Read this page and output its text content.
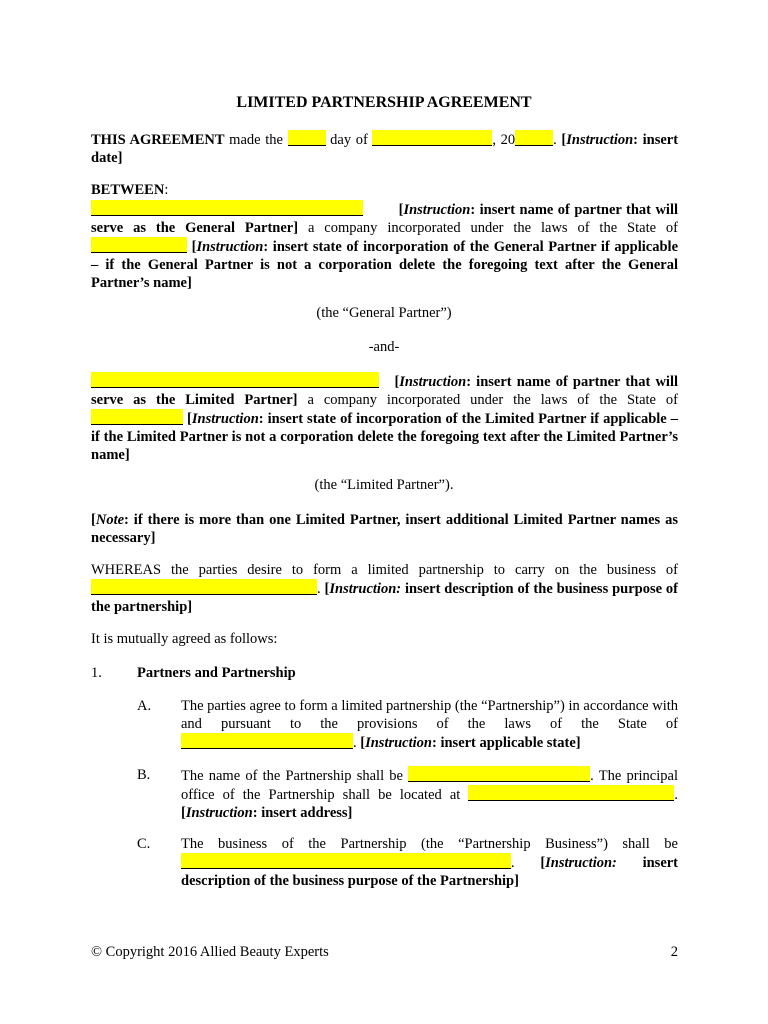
LIMITED PARTNERSHIP AGREEMENT

THIS AGREEMENT made the	day of	, 20	. [Instruction: insert date]

BETWEEN:

[Instruction: insert name of partner that will serve as the General Partner] a company incorporated under the laws of the State of  [Instruction: insert state of incorporation of the General Partner if applicable – if the General Partner is not a corporation delete the foregoing text after the General Partner’s name]

(the “General Partner”)
-and-

[Instruction: insert name of partner that will serve as the Limited Partner] a company incorporated under the laws of the State of  [Instruction: insert state of incorporation of the Limited Partner if applicable – if the Limited Partner is not a corporation delete the foregoing text after the Limited Partner’s name]

(the “Limited Partner”).
[Note: if there is more than one Limited Partner, insert additional Limited Partner names as necessary]
WHEREAS the parties desire to form a limited partnership to carry on the business of . [Instruction: insert description of the business purpose of the partnership]
It is mutually agreed as follows:
1. Partners and Partnership
A. The parties agree to form a limited partnership (the “Partnership”) in accordance with and pursuant to the provisions of the laws of the State of . [Instruction: insert applicable state]
B. The name of the Partnership shall be	. The principal office of the Partnership shall be located at	. [Instruction: insert address]
C. The business of the Partnership (the “Partnership Business”) shall be . [Instruction: insert description of the business purpose of the Partnership]
© Copyright 2016 Allied Beauty Experts	2
